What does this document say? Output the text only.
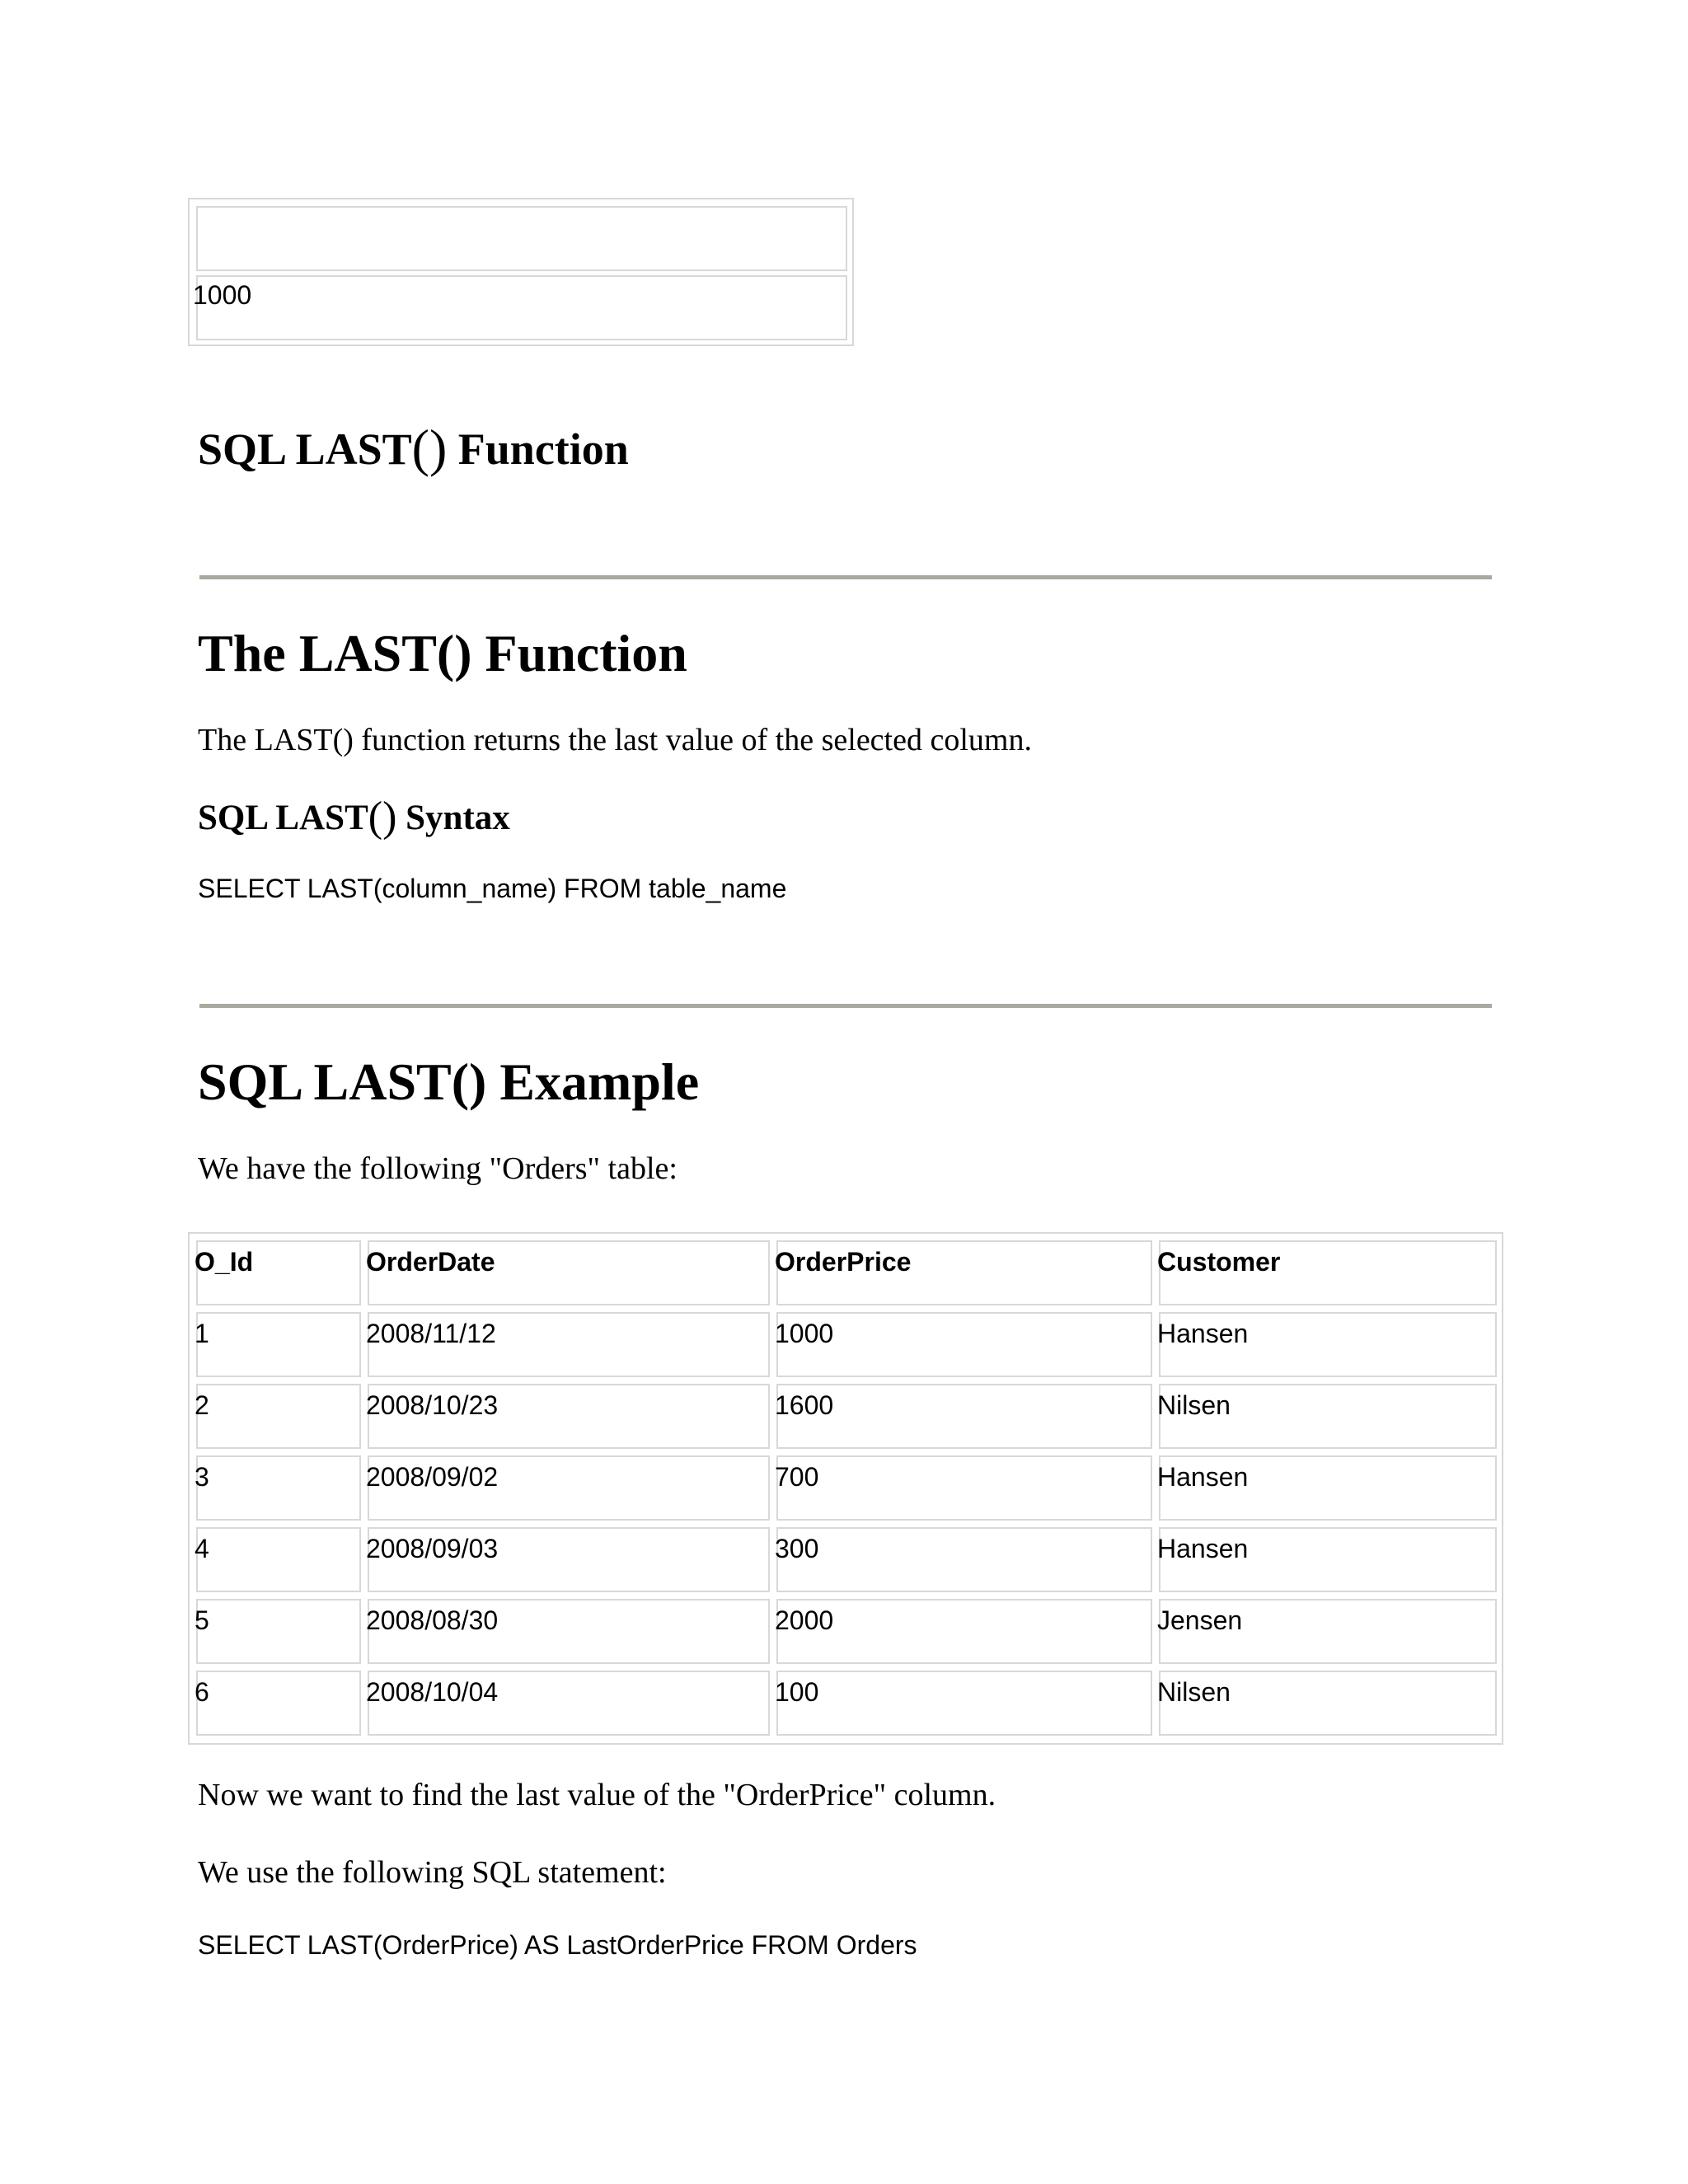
1000
SQL LAST() Function
The LAST() Function
The LAST() function returns the last value of the selected column.
SQL LAST() Syntax
SELECT LAST(column_name) FROM table_name
SQL LAST() Example
We have the following "Orders" table:
O_Id	OrderDate	OrderPrice	Customer
1	2008/11/12	1000	Hansen
2	2008/10/23	1600	Nilsen
3	2008/09/02	700	Hansen
4	2008/09/03	300	Hansen
5	2008/08/30	2000	Jensen
6	2008/10/04	100	Nilsen
Now we want to find the last value of the "OrderPrice" column.
We use the following SQL statement:
SELECT LAST(OrderPrice) AS LastOrderPrice FROM Orders
